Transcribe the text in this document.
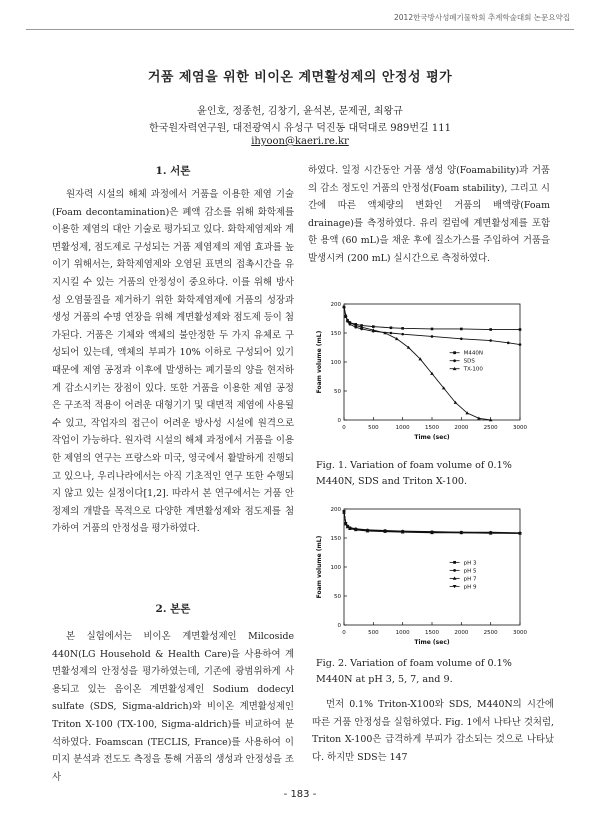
2012한국방사성폐기물학회 추계학술대회 논문요약집
거품 제염을 위한 비이온 계면활성제의 안정성 평가
윤인호, 정종헌, 김창기, 윤석본, 문제권, 최왕규
한국원자력연구원, 대전광역시 유성구 덕진동 대덕대로 989번길 111
ihyoon@kaeri.re.kr
1. 서론

원자력 시설의 해체 과정에서 거품을 이용한 제염 기술(Foam decontamination)은 폐액 감소를 위해 화학제를 이용한 제염의 대안 기술로 평가되고 있다. 화학제염제와 계면활성제, 점도제로 구성되는 거품 제염제의 제염 효과를 높이기 위해서는, 화학제염제와 오염된 표면의 접촉시간을 유지시킬 수 있는 거품의 안정성이 중요하다. 이를 위해 방사성 오염물질을 제거하기 위한 화학제염제에 거품의 성장과 생성 거품의 수명 연장을 위해 계면활성제와 점도제 등이 첨가된다. 거품은 기체와 액체의 불안정한 두 가지 유체로 구성되어 있는데, 액체의 부피가 10% 이하로 구성되어 있기 때문에 제염 공정과 이후에 발생하는 폐기물의 양을 현저하게 감소시키는 장점이 있다. 또한 거품을 이용한 제염 공정은 구조적 적용이 어려운 대형기기 및 대면적 제염에 사용될 수 있고, 작업자의 접근이 어려운 방사성 시설에 원격으로 작업이 가능하다. 원자력 시설의 해체 과정에서 거품을 이용한 제염의 연구는 프랑스와 미국, 영국에서 활발하게 진행되고 있으나, 우리나라에서는 아직 기초적인 연구 또한 수행되지 않고 있는 실정이다[1,2]. 따라서 본 연구에서는 거품 안정제의 개발을 목적으로 다양한 계면활성제와 점도제를 첨가하여 거품의 안정성을 평가하였다.

2. 본론

본 실험에서는 비이온 계면활성제인 Milcoside 440N(LG Household & Health Care)을 사용하여 계면활성제의 안정성을 평가하였는데, 기존에 광범위하게 사용되고 있는 음이온 계면활성제인 Sodium dodecyl sulfate (SDS, Sigma-aldrich)와 비이온 계면활성제인 Triton X-100 (TX-100, Sigma-aldrich)를 비교하여 분석하였다. Foamscan (TECLIS, France)를 사용하여 이미지 분석과 전도도 측정을 통해 거품의 생성과 안정성을 조사

하였다. 일정 시간동안 거품 생성 양(Foamability)과 거품의 감소 정도인 거품의 안정성(Foam stability), 그리고 시간에 따른 액체량의 변화인 거품의 배액량(Foam drainage)를 측정하였다. 유리 컬럼에 계면활성제를 포함한 용액 (60 mL)을 채운 후에 질소가스를 주입하여 거품을 발생시켜 (200 mL) 실시간으로 측정하였다.

0	500	1000	1500	2000	2500	3000
0
50
100
150
200
Time (sec)
Foam volume (mL)	M440N
SDS
TX-100
Fig. 1. Variation of foam volume of 0.1% M440N, SDS and Triton X-100.
0	500	1000	1500	2000	2500	3000
0
50
100
150
200
Time (sec)
Foam volume (mL)	pH 3
pH 5
pH 7
pH 9
Fig. 2. Variation of foam volume of 0.1% M440N at pH 3, 5, 7, and 9.

먼저 0.1% Triton-X100와 SDS, M440N의 시간에 따른 거품 안정성을 실험하였다. Fig. 1에서 나타난 것처럼, Triton X-100은 급격하게 부피가 감소되는 것으로 나타났다. 하지만 SDS는 147

- 183 -
